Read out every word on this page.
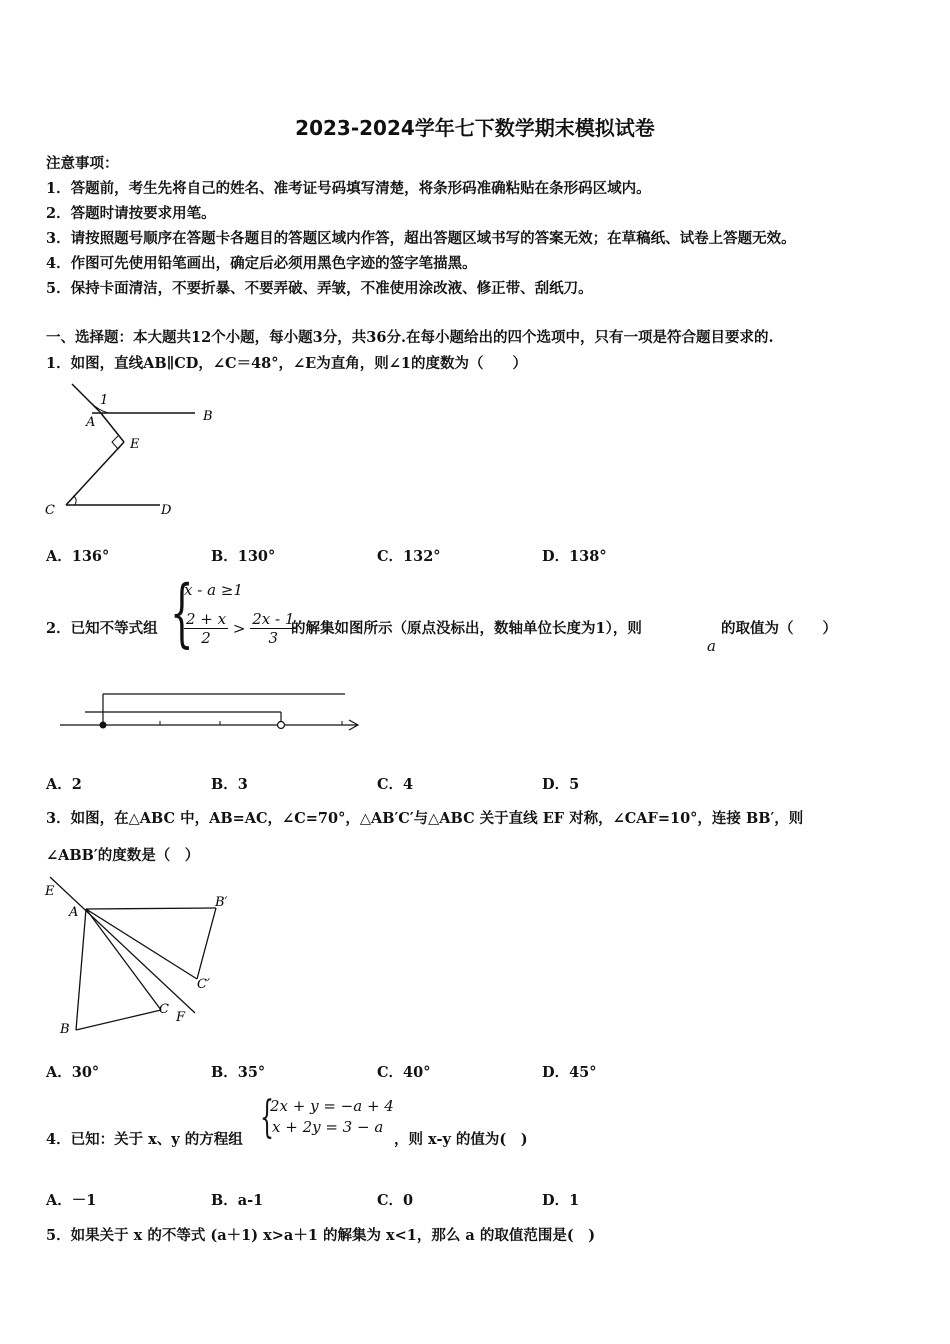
2023-2024学年七下数学期末模拟试卷
注意事项：
1．答题前，考生先将自己的姓名、准考证号码填写清楚，将条形码准确粘贴在条形码区域内。
2．答题时请按要求用笔。
3．请按照题号顺序在答题卡各题目的答题区域内作答，超出答题区域书写的答案无效；在草稿纸、试卷上答题无效。
4．作图可先使用铅笔画出，确定后必须用黑色字迹的签字笔描黑。
5．保持卡面清洁，不要折暴、不要弄破、弄皱，不准使用涂改液、修正带、刮纸刀。
一、选择题：本大题共12个小题，每小题3分，共36分.在每小题给出的四个选项中，只有一项是符合题目要求的.
1．如图，直线AB∥CD，∠C＝48°，∠E为直角，则∠1的度数为（　　）
1
A	B
E
C	D
A．136°	B．130°	C．132°	D．138°
2．已知不等式组 {
x - a ≥1
$\frac{2 + x}{2} > \frac{2x - 1}{3}$
的解集如图所示（原点没标出，数轴单位长度为1），则
a
的取值为（　　）
A．2	B．3	C．4	D．5
3．如图，在△ABC 中，AB=AC，∠C=70°，△AB′C′与△ABC 关于直线 EF 对称，∠CAF=10°，连接 BB′，则
∠ABB′的度数是（　）
E
A
B′
C′
C
F
B
A．30°	B．35°	C．40°	D．45°
4．已知：关于 x、y 的方程组 {
2x + y = −a + 4
x + 2y = 3 − a
，则 x-y 的值为(　)
A．－1	B．a-1	C．0	D．1
5．如果关于 x 的不等式 (a＋1) x>a＋1 的解集为 x<1，那么 a 的取值范围是(　)
